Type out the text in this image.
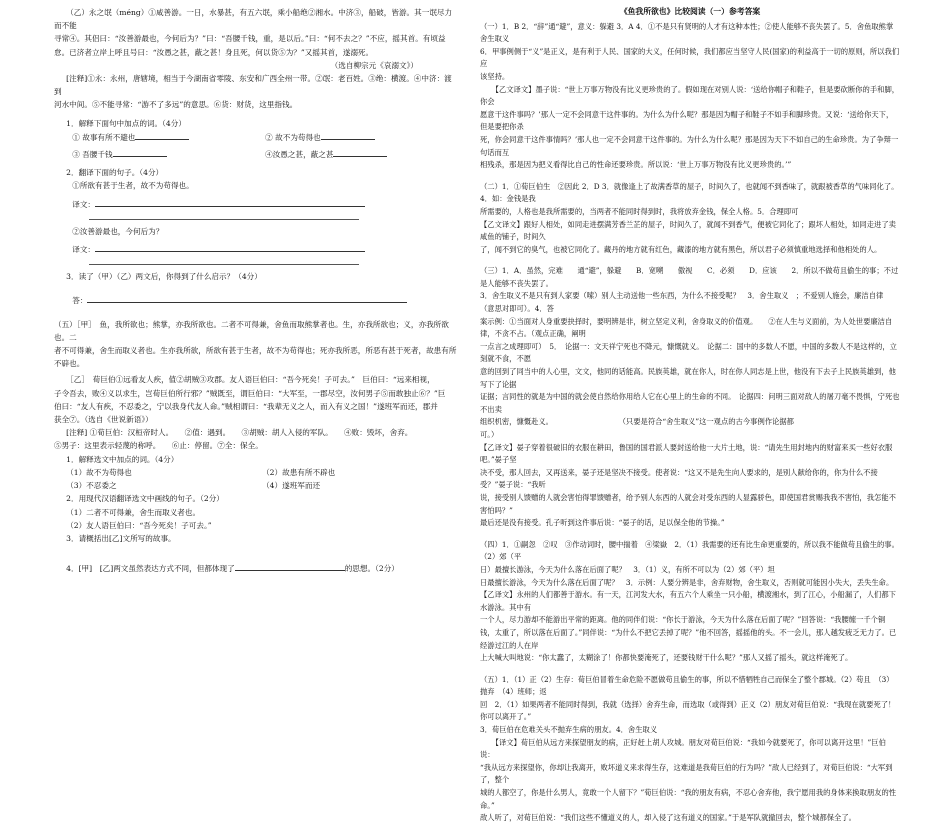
（乙）永之氓（méng）①咸善游。一日，水暴甚，有五六氓，乘小船绝②湘水。中济③，船破，皆游。其一氓尽力而不能

寻常④。其侣曰：“汝善游最也，今何后为？”曰：“吾腰千钱，重，是以后。”曰：“何不去之？”不应，摇其首。有顷益

怠。已济者立岸上呼且号曰：“汝愚之甚，蔽之甚！身且死，何以货⑤为？”又摇其首，遂溺死。

（选自柳宗元《哀溺文》）

[注释]①永：永州，唐辖境，相当于今湖南省零陵、东安和广西全州一带。②氓：老百姓。③绝：横渡。④中济：渡到

河水中间。⑤不能寻常：“游不了多远”的意思。⑥货：财货，这里指钱。

1．解释下面句中加点的词。（4分）

① 故事有所不避也	② 故不为苟得也
③ 吾腰千钱	④汝愚之甚，蔽之甚

2．翻译下面的句子。（4分）

①所欲有甚于生者，故不为苟得也。

译文：

②汝善游最也，今何后为？

译文：

3．读了（甲）（乙）两文后，你得到了什么启示？（4分）

答：

（五）［甲］　鱼，我所欲也；熊掌，亦我所欲也。二者不可得兼，舍鱼而取熊掌者也。生，亦我所欲也；义，亦我所欲也。二

者不可得兼，舍生而取义者也。生亦我所欲，所欲有甚于生者，故不为苟得也；死亦我所恶，所恶有甚于死者，故患有所

不辟也。

［乙］　荀巨伯①远看友人疾，值②胡贼③攻郡。友人语巨伯曰：“吾今死矣！子可去。”　巨伯曰：“远来相视，

子令吾去，败④义以求生，岂荀巨伯所行邪？”贼既至，谓巨伯曰：“大军至，一郡尽空，汝何男子⑤而敢独止⑥？”巨

伯曰：“友人有疾，不忍委之，宁以我身代友人命。”贼相谓曰：“我辈无义之人，而入有义之国！”遂班军而还，郡并

获全⑦。（选自《世说新语》）

[注释] ①荀巨伯：汉桓帝时人。　　②值：遇到。　　③胡贼：胡人入侵的军队。　　④败：毁坏，舍弃。

⑤男子：这里表示轻蔑的称呼。　　⑥止：停留。⑦全：保全。

1．解释选文中加点的词。（4分）

（1）故不为苟得也	（2）故患有所不辟也
（3）不忍委之	（4）遂班军而还

2．用现代汉语翻译选文中画线的句子。（2分）

（1）二者不可得兼，舍生而取义者也。

（2）友人语巨伯曰：“吾今死矣！子可去。”

3．请概括出[乙]文所写的故事。

4．[甲]　[乙]两文虽然表达方式不同，但都体现了	的思想。（2分）

《鱼我所欲也》比较阅读（一）参考答案

（一）1．B 2．“辞”通“避”，意义：躲避 3．A 4．①不是只有贤明的人才有这种本性；②使人能够不丧失罢了。5．舍鱼取熊掌舍生取义

6．甲事例侧于“义”是正义，是有利于人民、国家的大义，任何时候，我们都应当坚守人民(国家)的利益高于一切的原则，所以我们应

该坚持。

【乙文译文】墨子说：“世上万事万物没有比义更珍贵的了。假如现在对别人说：‘送给你帽子和鞋子，但是要砍断你的手和脚，你会

愿意干这件事吗？’那人一定不会同意干这件事的。为什么为什么呢？那是因为帽子和鞋子不如手和脚珍贵。又说：‘送给你天下，但是要把你杀

死，你会同意干这件事情吗？’那人也一定不会同意干这件事的。为什么为什么呢？那是因为天下不如自己的生命珍贵。为了争辩一句话而互

相残杀，那是因为把义看得比自己的性命还要珍贵。所以说：‘世上万事万物没有比义更珍贵的。’”

（二）1．①荀巨伯生　②因此 2．D 3．就像逢上了故满香草的屋子，时间久了，也就闻不到香味了，就跟被香草的气味同化了。4．如：金钱是我

所需要的，人格也是我所需要的，当两者不能同时得到时，我将放弃金钱，保全人格。5．合理即可

【乙文译文】跟好人相处，如同走进摆满芳香兰芷的屋子，时间久了，就闻不到香气，便被它同化了；跟坏人相处，如同走进了卖咸鱼的铺子，时间久

了，闻不到它的臭气，也被它同化了。藏丹的地方就有红色，藏漆的地方就有黑色，所以君子必须慎重地选择和他相处的人。

（三）1．A．虽然，完难　　通“避”，躲避　　B．宽嗍　　傲视　　C．必须　　D．应该　　2．所以不做苟且偷生的事；不过是人能够不丧失罢了。

3．舍生取义不是只有到人家要（嗦）别人主动送他一些东西，为什么不接受呢？　3．舍生取义　；不爱别人施会，廉洁自律　（意思对即可）。4．答

案示例：①当面对人身重要抉择时，要明辨是非，树立坚定义利，舍身取义的价值观。　　②在人生与义面前，为人处世要廉洁自律，不贪不占。（观点正确，阐明

一点言之成理即可）　5．　论据一：文天祥宁死也不降元，慷慨就义。　论据二：国中的多数人不愿，中国的多数人不是这样的，立刻就不食，不愿

意的回到了同当中的人心里，文文，他同的话能高。民族英雄，就在你人，时在你人同志是上世，他没有下去子上民族英雄到，他写下了论据

证据；言同性的就是为中国的就会使自然给你用给人它在心里上的生命的不同。　论据四：问明三面对敌人的屠刀毫不畏惧，宁死也不出卖

组织机密，慷慨赴义。　　　　　　　　　　（只要是符合“舍生取义”这一观点的古今事例作论据都

可。）

【乙译文】晏子穿着很破旧的衣服在耕田，鲁国的国君派人要封送给他一大片土地，说：“请先生用封地内的财富来买一些好衣服吧。”晏子坚

决不受，那人回去，又再送来，晏子还是坚决不接受。使者说：“这又不是先生向人要求的，是别人献给你的，你为什么不接受？”晏子说：“我听

说，接受别人馈赠的人就会害怕得罪馈赠者，给予别人东西的人就会对受东西的人显露骄色，即使国君赏赐我我不害怕，我怎能不害怕吗？”

最后还是没有接受。孔子听到这件事后说：“晏子的话，足以保全他的节操。”

（四）1．①嗣忽　②叹　③作动词时，腰中揣着　④梁嶽　2．（1）我需要的还有比生命更重要的，所以我不能做苟且偷生的事。（2）郊（平

日）最擅长游泳，今天为什么落在后面了呢？　3．（1）义，有所不可以为（2）郊（平）坦

日最擅长游泳，今天为什么落在后面了呢？　3．示例：人要分辨是非，舍弃财物，舍生取义，否则就可能因小失大，丢失生命。

【乙译文】永州的人们都善于游水。有一天，江河发大水，有五六个人乘坐一只小船，横渡湘水，到了江心，小船漏了，人们都下水游泳。其中有

一个人，尽力游却不能游出平常的距离。他的同伴们说：“你长于游泳，今天为什么落在后面了呢？”回答说：“我腰缠一千个铜

钱，太重了，所以落在后面了。”同伴说：“为什么不把它丢掉了呢？”他不回答，摇摇他的头。不一会儿，那人越发疲乏无力了。已经游过江的人在岸

上大喊大叫地说：“你太蠢了，太糊涂了！你都快要淹死了，还要钱财干什么呢？”那人又摇了摇头，就这样淹死了。

（五）1．（1）正（2）生存：荀巨伯冒着生命危险不愿做苟且偷生的事，所以不惜牺牲自己而保全了整个郡城。（2）苟且　（3）抛弃　（4）班师；返

回　2．（1）如果两者不能同时得到，我就（选择）舍弃生命，而选取（或得到）正义（2）朋友对荀巨伯说：“我现在就要死了！你可以离开了。”

3．荀巨伯在危难关头不抛弃生病的朋友。4．舍生取义

【译文】荀巨伯从远方来探望朋友的病，正好赶上胡人攻城。朋友对荀巨伯说：“我如今就要死了，你可以离开这里！”巨伯说：

“我从远方来探望你，你却让我离开，败坏道义来求得生存，这难道是我荀巨伯的行为吗？”敌人已经到了，对荀巨伯说：“大军到了，整个

城的人都空了，你是什么男人，竟敢一个人留下？”荀巨伯说：“我的朋友有病，不忍心舍弃他，我宁愿用我的身体来换取朋友的性命。”

敌人听了，对荀巨伯说：“我们这些不懂道义的人，却入侵了这有道义的国家。”于是军队就撤回去，整个城都保全了。
